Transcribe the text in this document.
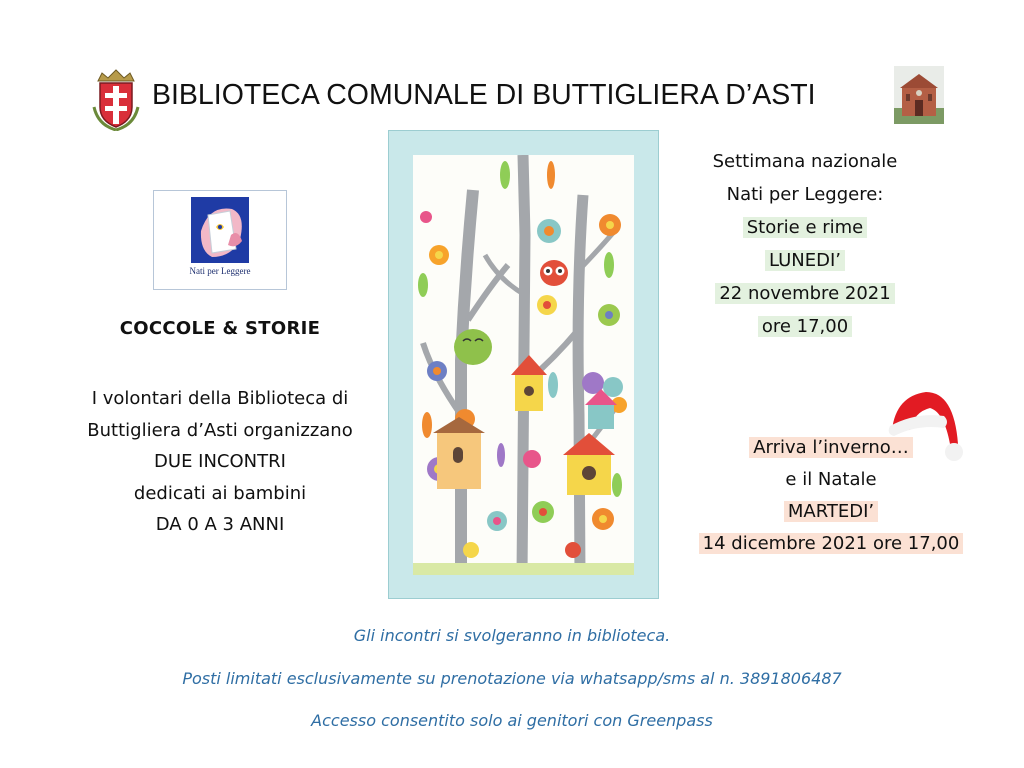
BIBLIOTECA COMUNALE DI BUTTIGLIERA D’ASTI
Nati per Leggere
COCCOLE & STORIE
I volontari della Biblioteca di
Buttigliera d’Asti organizzano
DUE INCONTRI
dedicati ai bambini
DA 0 A 3 ANNI
Settimana nazionale
Nati per Leggere:
Storie e rime
LUNEDI’
22 novembre 2021
ore 17,00
Arriva l’inverno…
e il Natale
MARTEDI’
14 dicembre 2021 ore 17,00
Gli incontri si svolgeranno in biblioteca.
Posti limitati esclusivamente su prenotazione via whatsapp/sms al n. 3891806487
Accesso consentito solo ai genitori con Greenpass
